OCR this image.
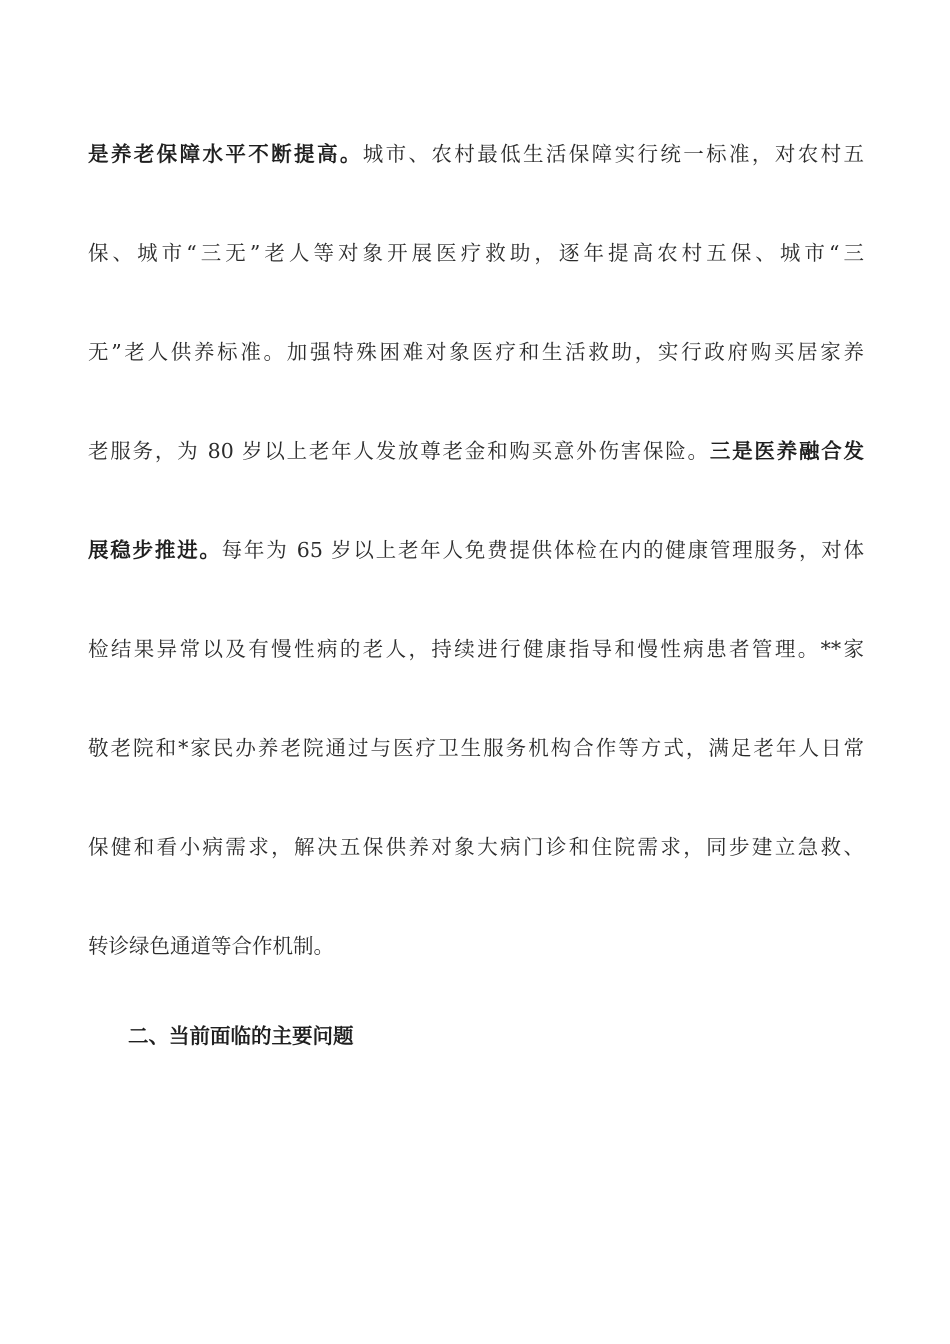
是养老保障水平不断提高。城市、农村最低生活保障实行统一标准，对农村五
保、城市“三无”老人等对象开展医疗救助，逐年提高农村五保、城市“三
无”老人供养标准。加强特殊困难对象医疗和生活救助，实行政府购买居家养
老服务，为 80 岁以上老年人发放尊老金和购买意外伤害保险。三是医养融合发
展稳步推进。每年为 65 岁以上老年人免费提供体检在内的健康管理服务，对体
检结果异常以及有慢性病的老人，持续进行健康指导和慢性病患者管理。**家
敬老院和*家民办养老院通过与医疗卫生服务机构合作等方式，满足老年人日常
保健和看小病需求，解决五保供养对象大病门诊和住院需求，同步建立急救、
转诊绿色通道等合作机制。
二、当前面临的主要问题
